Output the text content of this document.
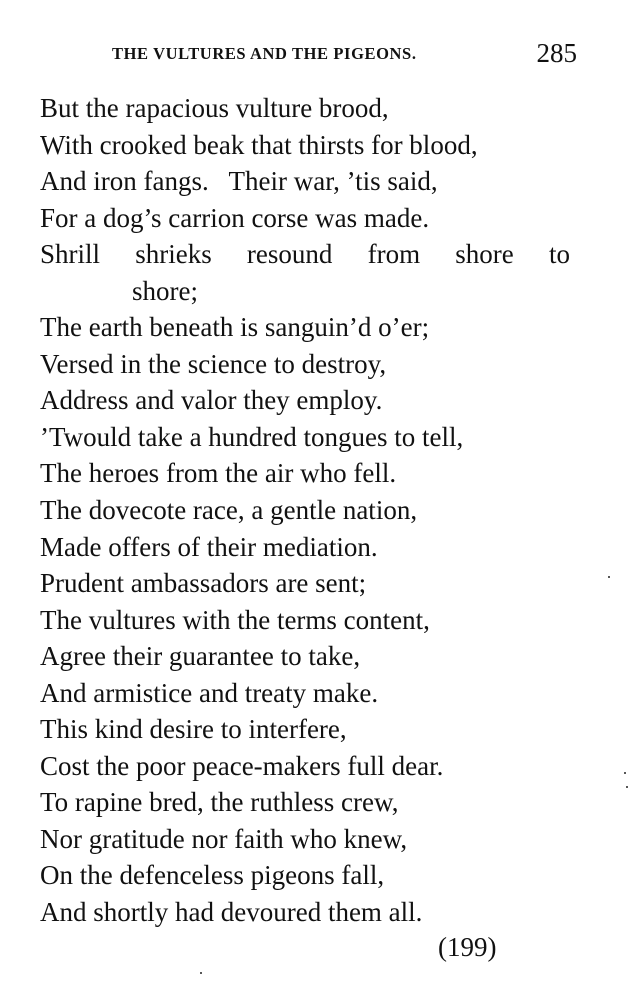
THE VULTURES AND THE PIGEONS.	285
But the rapacious vulture brood,
With crooked beak that thirsts for blood,
And iron fangs.   Their war, ’tis said,
For a dog’s carrion corse was made.
Shrill shrieks resound from shore to
shore;
The earth beneath is sanguin’d o’er;
Versed in the science to destroy,
Address and valor they employ.
’Twould take a hundred tongues to tell,
The heroes from the air who fell.
The dovecote race, a gentle nation,
Made offers of their mediation.
Prudent ambassadors are sent;
The vultures with the terms content,
Agree their guarantee to take,
And armistice and treaty make.
This kind desire to interfere,
Cost the poor peace-makers full dear.
To rapine bred, the ruthless crew,
Nor gratitude nor faith who knew,
On the defenceless pigeons fall,
And shortly had devoured them all.
(199)
